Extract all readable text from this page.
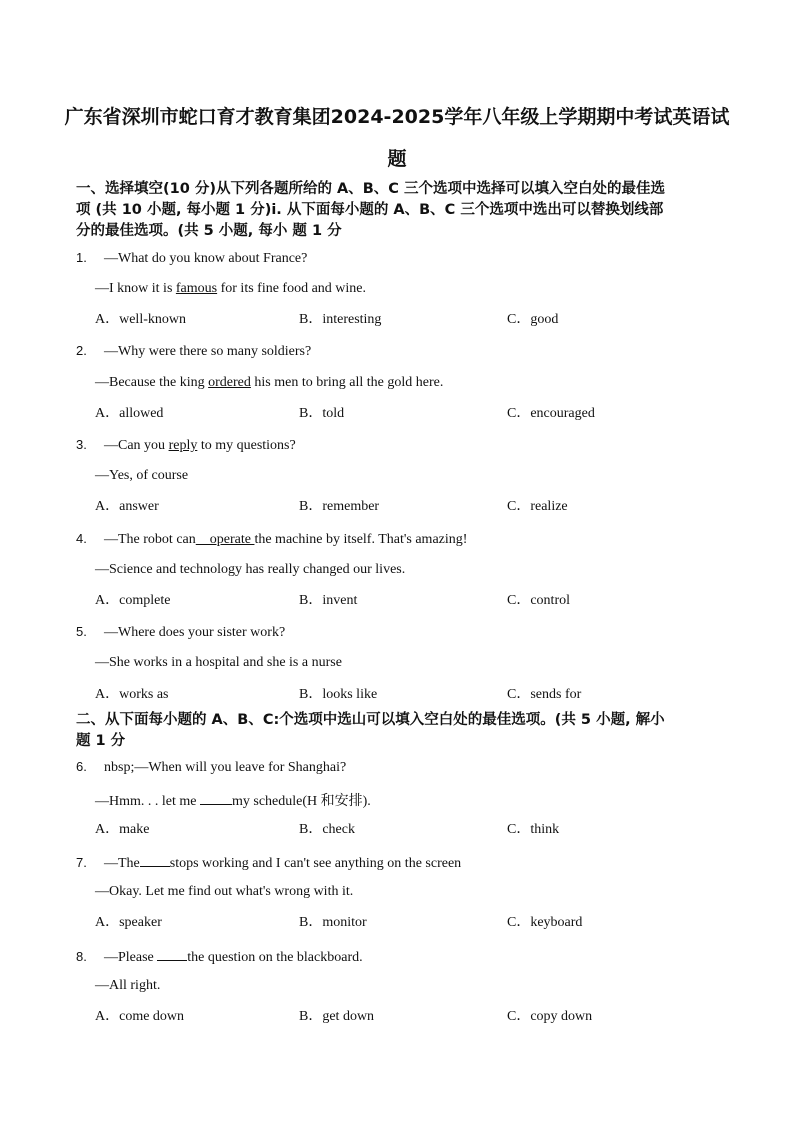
广东省深圳市蛇口育才教育集团2024-2025学年八年级上学期期中考试英语试
题
一、选择填空(10 分)从下列各题所给的 A、B、C 三个选项中选择可以填入空白处的最佳选
项 (共 10 小题, 每小题 1 分)i. 从下面每小题的 A、B、C 三个选项中选出可以替换划线部
分的最佳选项。(共 5 小题, 每小 题 1 分
1. —What do you know about France?
—I know it is famous for its fine food and wine.
A．well-known	B．interesting	C．good
2. —Why were there so many soldiers?
—Because the king ordered his men to bring all the gold here.
A．allowed	B．told	C．encouraged
3. —Can you reply to my questions?
—Yes, of course
A．answer	B．remember	C．realize
4. —The robot can    operate the machine by itself. That's amazing!
—Science and technology has really changed our lives.
A．complete	B．invent	C．control
5. —Where does your sister work?
—She works in a hospital and she is a nurse
A．works as	B．looks like	C．sends for
二、从下面每小题的 A、B、C:个选项中选山可以填入空白处的最佳选项。(共 5 小题, 解小
题 1 分
6. nbsp;—When will you leave for Shanghai?
—Hmm. . . let me my schedule(H 和安排).
A．make	B．check	C．think
7. —The stops working and I can't see anything on the screen
—Okay. Let me find out what's wrong with it.
A．speaker	B．monitor	C．keyboard
8. —Please the question on the blackboard.
—All right.
A．come down	B．get down	C．copy down
